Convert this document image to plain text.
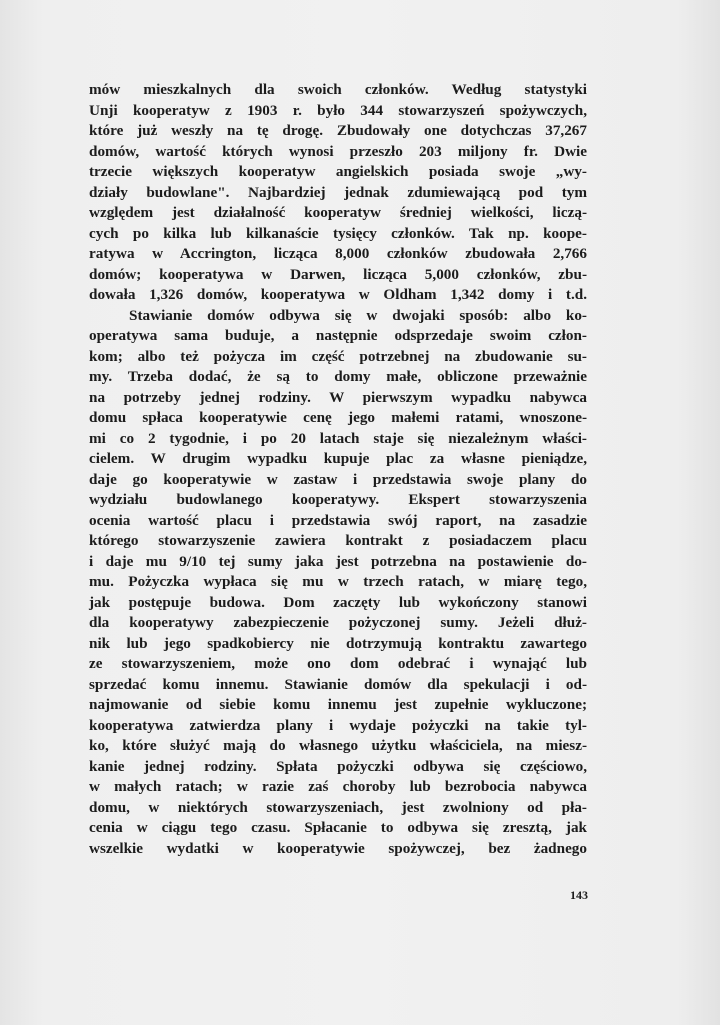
mów mieszkalnych dla swoich członków. Według statystyki
Unji kooperatyw z 1903 r. było 344 stowarzyszeń spożywczych,
które już weszły na tę drogę. Zbudowały one dotychczas 37,267
domów, wartość których wynosi przeszło 203 miljony fr. Dwie
trzecie większych kooperatyw angielskich posiada swoje „wy-
działy budowlane". Najbardziej jednak zdumiewającą pod tym
względem jest działalność kooperatyw średniej wielkości, liczą-
cych po kilka lub kilkanaście tysięcy członków. Tak np. koope-
ratywa w Accrington, licząca 8,000 członków zbudowała 2,766
domów; kooperatywa w Darwen, licząca 5,000 członków, zbu-
dowała 1,326 domów, kooperatywa w Oldham 1,342 domy i t.d.
Stawianie domów odbywa się w dwojaki sposób: albo ko-
operatywa sama buduje, a następnie odsprzedaje swoim człon-
kom; albo też pożycza im część potrzebnej na zbudowanie su-
my. Trzeba dodać, że są to domy małe, obliczone przeważnie
na potrzeby jednej rodziny. W pierwszym wypadku nabywca
domu spłaca kooperatywie cenę jego małemi ratami, wnoszone-
mi co 2 tygodnie, i po 20 latach staje się niezależnym właści-
cielem. W drugim wypadku kupuje plac za własne pieniądze,
daje go kooperatywie w zastaw i przedstawia swoje plany do
wydziału budowlanego kooperatywy. Ekspert stowarzyszenia
ocenia wartość placu i przedstawia swój raport, na zasadzie
którego stowarzyszenie zawiera kontrakt z posiadaczem placu
i daje mu 9/10 tej sumy jaka jest potrzebna na postawienie do-
mu. Pożyczka wypłaca się mu w trzech ratach, w miarę tego,
jak postępuje budowa. Dom zaczęty lub wykończony stanowi
dla kooperatywy zabezpieczenie pożyczonej sumy. Jeżeli dłuż-
nik lub jego spadkobiercy nie dotrzymują kontraktu zawartego
ze stowarzyszeniem, może ono dom odebrać i wynająć lub
sprzedać komu innemu. Stawianie domów dla spekulacji i od-
najmowanie od siebie komu innemu jest zupełnie wykluczone;
kooperatywa zatwierdza plany i wydaje pożyczki na takie tyl-
ko, które służyć mają do własnego użytku właściciela, na miesz-
kanie jednej rodziny. Spłata pożyczki odbywa się częściowo,
w małych ratach; w razie zaś choroby lub bezrobocia nabywca
domu, w niektórych stowarzyszeniach, jest zwolniony od pła-
cenia w ciągu tego czasu. Spłacanie to odbywa się zresztą, jak
wszelkie wydatki w kooperatywie spożywczej, bez żadnego
143
